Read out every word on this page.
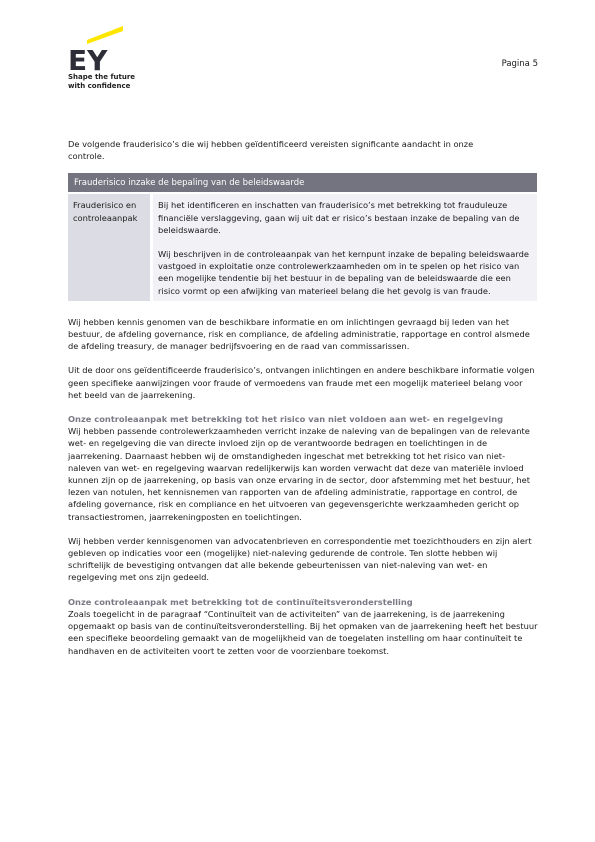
EY
Shape the future
with confidence
Pagina 5

De volgende frauderisico’s die wij hebben geïdentificeerd vereisten significante aandacht in onze controle.

Frauderisico inzake de bepaling van de beleidswaarde
Frauderisico en controleaanpak	

Bij het identificeren en inschatten van frauderisico’s met betrekking tot frauduleuze financiële verslaggeving, gaan wij uit dat er risico’s bestaan inzake de bepaling van de beleidswaarde.

Wij beschrijven in de controleaanpak van het kernpunt inzake de bepaling beleidswaarde vastgoed in exploitatie onze controlewerkzaamheden om in te spelen op het risico van een mogelijke tendentie bij het bestuur in de bepaling van de beleidswaarde die een risico vormt op een afwijking van materieel belang die het gevolg is van fraude.

Wij hebben kennis genomen van de beschikbare informatie en om inlichtingen gevraagd bij leden van het bestuur, de afdeling governance, risk en compliance, de afdeling administratie, rapportage en control alsmede de afdeling treasury, de manager bedrijfsvoering en de raad van commissarissen.

Uit de door ons geïdentificeerde frauderisico’s, ontvangen inlichtingen en andere beschikbare informatie volgen geen specifieke aanwijzingen voor fraude of vermoedens van fraude met een mogelijk materieel belang voor het beeld van de jaarrekening.

Onze controleaanpak met betrekking tot het risico van niet voldoen aan wet- en regelgeving

Wij hebben passende controlewerkzaamheden verricht inzake de naleving van de bepalingen van de relevante wet- en regelgeving die van directe invloed zijn op de verantwoorde bedragen en toelichtingen in de jaarrekening. Daarnaast hebben wij de omstandigheden ingeschat met betrekking tot het risico van niet-naleven van wet- en regelgeving waarvan redelijkerwijs kan worden verwacht dat deze van materiële invloed kunnen zijn op de jaarrekening, op basis van onze ervaring in de sector, door afstemming met het bestuur, het lezen van notulen, het kennisnemen van rapporten van de afdeling administratie, rapportage en control, de afdeling governance, risk en compliance en het uitvoeren van gegevensgerichte werkzaamheden gericht op transactiestromen, jaarrekeningposten en toelichtingen.

Wij hebben verder kennisgenomen van advocatenbrieven en correspondentie met toezichthouders en zijn alert gebleven op indicaties voor een (mogelijke) niet-naleving gedurende de controle. Ten slotte hebben wij schriftelijk de bevestiging ontvangen dat alle bekende gebeurtenissen van niet-naleving van wet- en regelgeving met ons zijn gedeeld.

Onze controleaanpak met betrekking tot de continuïteitsveronderstelling

Zoals toegelicht in de paragraaf “Continuïteit van de activiteiten” van de jaarrekening, is de jaarrekening opgemaakt op basis van de continuïteitsveronderstelling. Bij het opmaken van de jaarrekening heeft het bestuur een specifieke beoordeling gemaakt van de mogelijkheid van de toegelaten instelling om haar continuïteit te handhaven en de activiteiten voort te zetten voor de voorzienbare toekomst.
